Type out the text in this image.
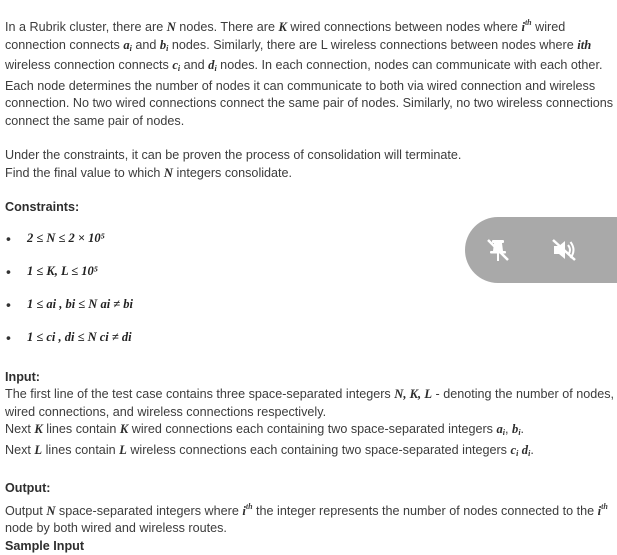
In a Rubrik cluster, there are N nodes. There are K wired connections between nodes where $i^{th}$ wired connection connects $a_i$ and $b_i$ nodes. Similarly, there are L wireless connections between nodes where ith wireless connection connects $c_i$ and $d_i$ nodes. In each connection, nodes can communicate with each other. Each node determines the number of nodes it can communicate to both via wired connection and wireless connection. No two wired connections connect the same pair of nodes. Similarly, no two wireless connections connect the same pair of nodes.

Under the constraints, it can be proven the process of consolidation will terminate.

Find the final value to which N integers consolidate.

Constraints:

• 2 ≤ N ≤ 2 × 10⁵
• 1 ≤ K, L ≤ 10⁵
• 1 ≤ ai , bi ≤ N ai ≠ bi
• 1 ≤ ci , di ≤ N ci ≠ di

Input:

The first line of the test case contains three space-separated integers N, K, L - denoting the number of nodes, wired connections, and wireless connections respectively.

Next K lines contain K wired connections each containing two space-separated integers $a_i$, $b_i$.

Next L lines contain L wireless connections each containing two space-separated integers $c_i$ $d_i$.

Output:

Output N space-separated integers where $i^{th}$ the integer represents the number of nodes connected to the $i^{th}$ node by both wired and wireless routes.

Sample Input
